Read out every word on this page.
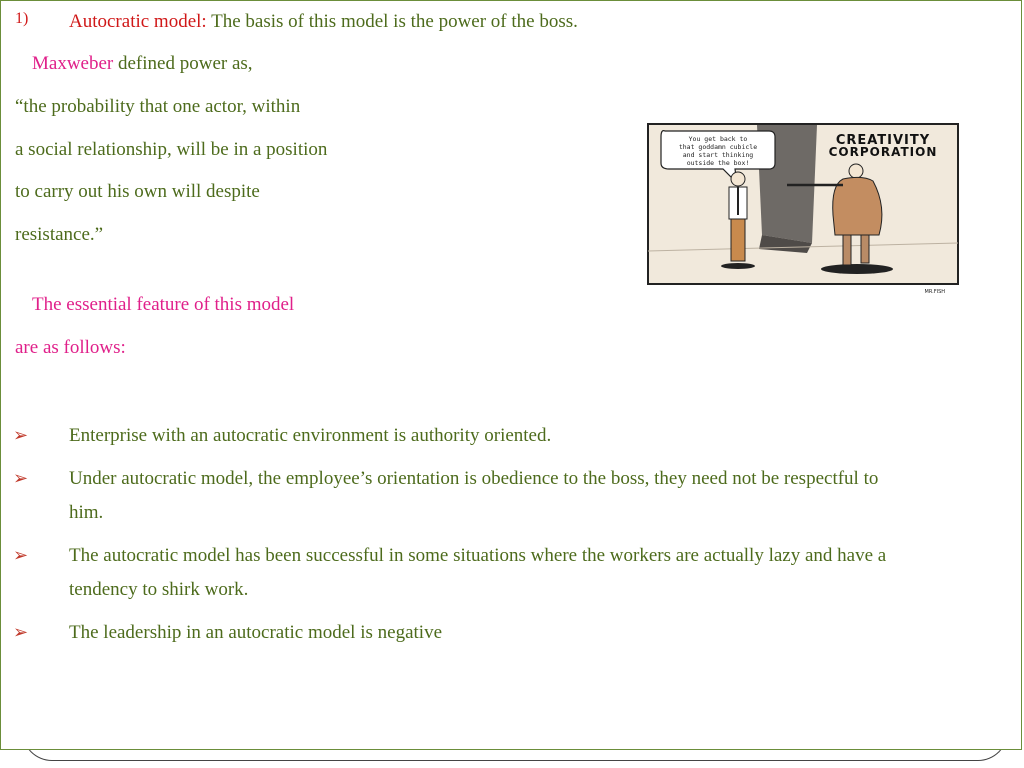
1) Autocratic model: The basis of this model is the power of the boss.
Maxweber defined power as,
“the probability that one actor, within
a social relationship, will be in a position
to carry out his own will despite
resistance.”
The essential feature of this model
are as follows:
➢ Enterprise with an autocratic environment is authority oriented.
➢ Under autocratic model, the employee’s orientation is obedience to the boss, they need not be respectful to
him.
➢ The autocratic model has been successful in some situations where the workers are actually lazy and have a
tendency to shirk work.
➢ The leadership in an autocratic model is negative
You get back to
that goddamn cubicle
and start thinking
outside the box!
CREATIVITY
CORPORATION
MR.FISH
